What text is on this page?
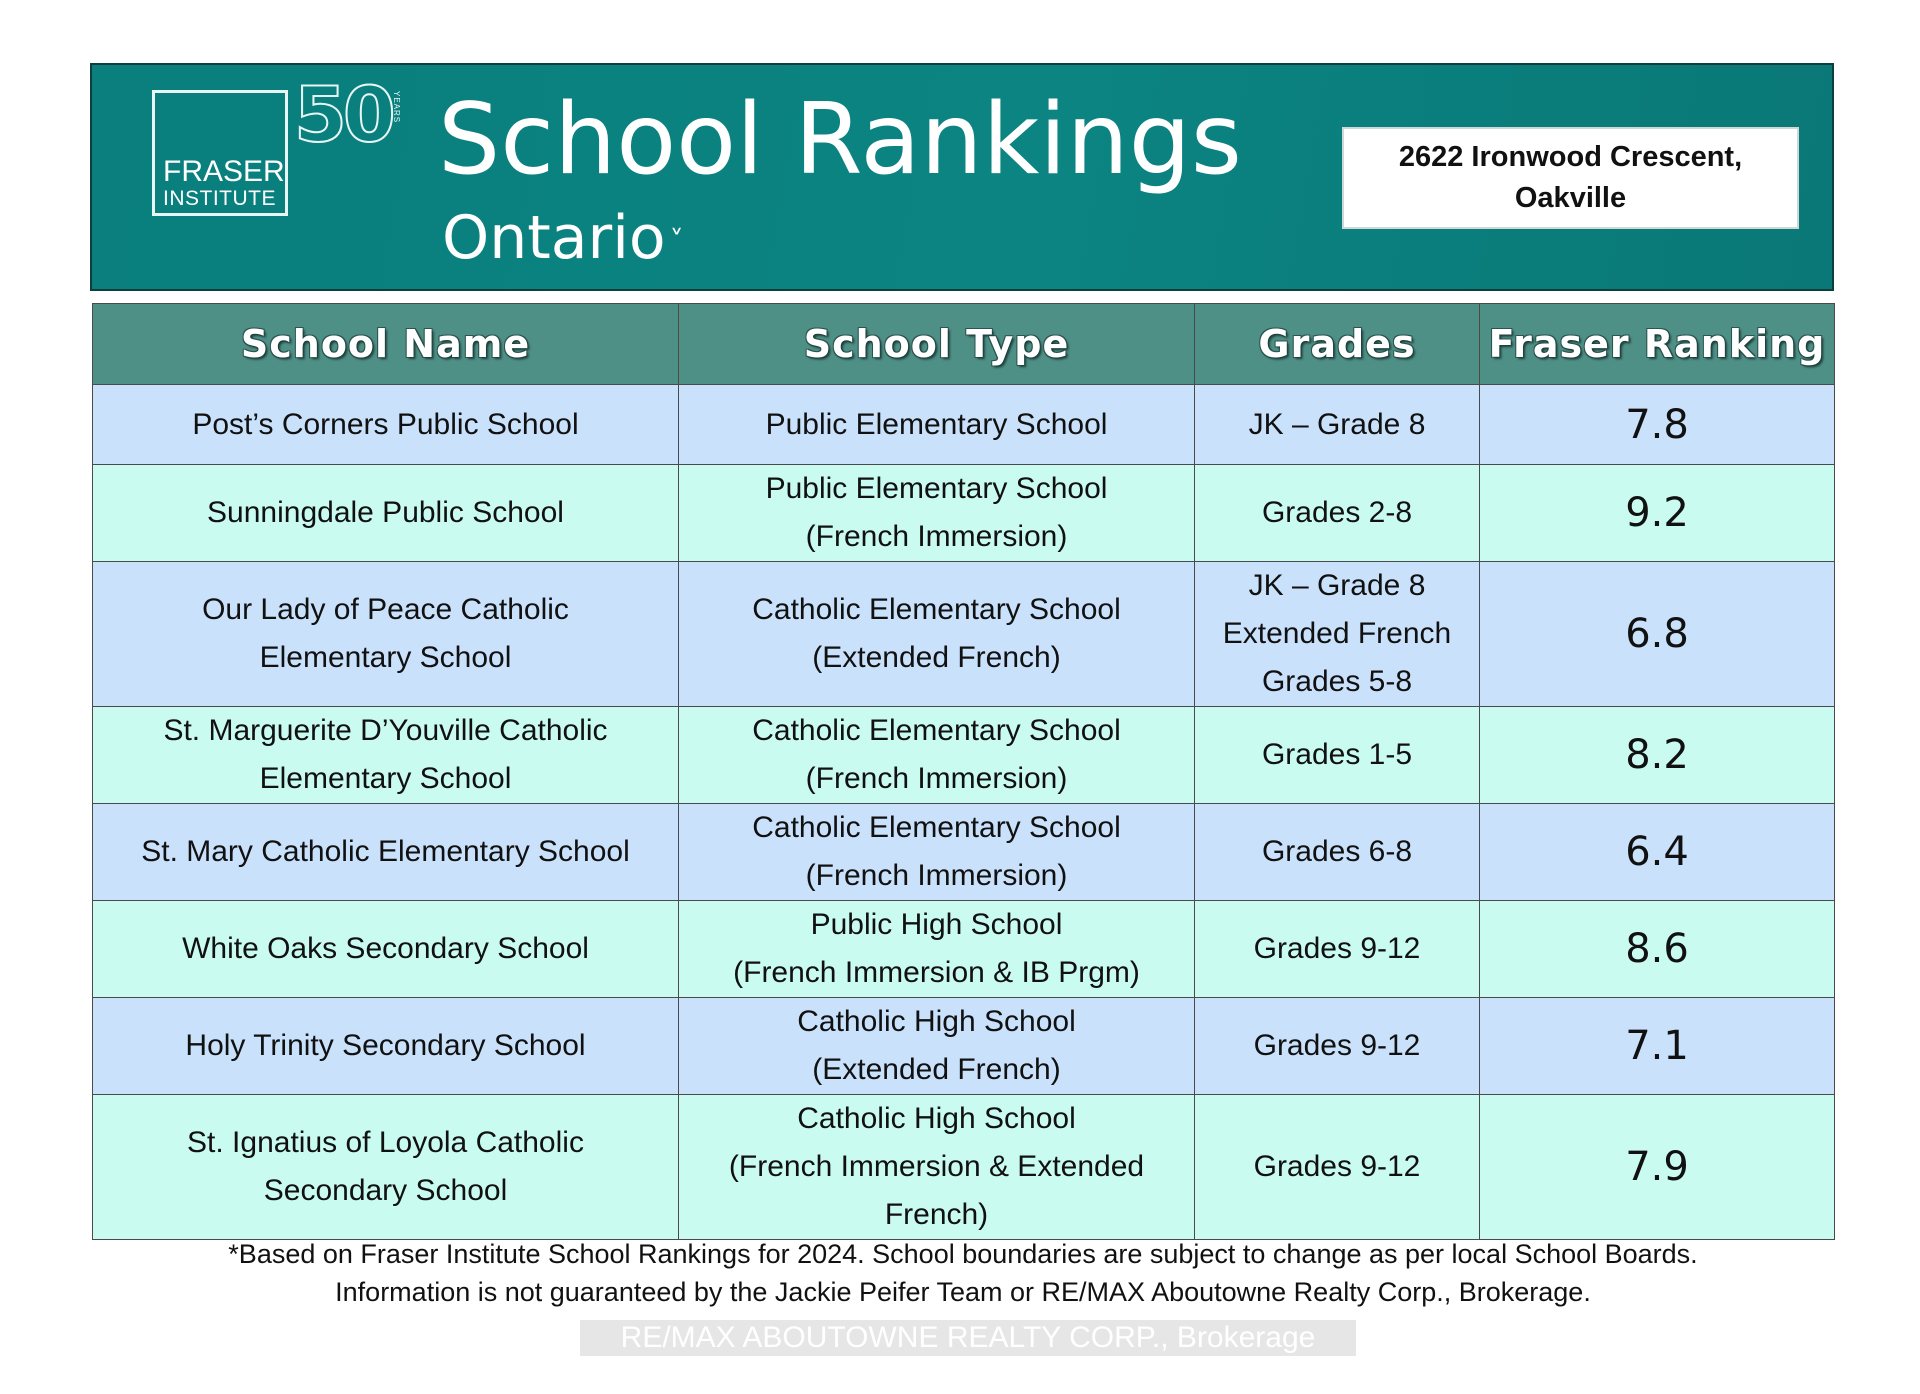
FRASER
INSTITUTE
50 YEARS School Rankings
Ontario ˅
2622 Ironwood Crescent,
Oakville
School Name	School Type	Grades	Fraser Ranking

Post’s Corners Public School	Public Elementary School	JK – Grade 8	7.8

Sunningdale Public School	Public Elementary School
(French Immersion)	Grades 2-8	9.2

Our Lady of Peace Catholic
Elementary School	Catholic Elementary School
(Extended French)	JK – Grade 8
Extended French
Grades 5-8	6.8

St. Marguerite D’Youville Catholic
Elementary School	Catholic Elementary School
(French Immersion)	Grades 1-5	8.2

St. Mary Catholic Elementary School	Catholic Elementary School
(French Immersion)	Grades 6-8	6.4

White Oaks Secondary School	Public High School
(French Immersion & IB Prgm)	Grades 9-12	8.6

Holy Trinity Secondary School	Catholic High School
(Extended French)	Grades 9-12	7.1

St. Ignatius of Loyola Catholic
Secondary School	Catholic High School
(French Immersion & Extended
French)	Grades 9-12	7.9
*Based on Fraser Institute School Rankings for 2024. School boundaries are subject to change as per local School Boards.
Information is not guaranteed by the Jackie Peifer Team or RE/MAX Aboutowne Realty Corp., Brokerage.
RE/MAX ABOUTOWNE REALTY CORP., Brokerage
